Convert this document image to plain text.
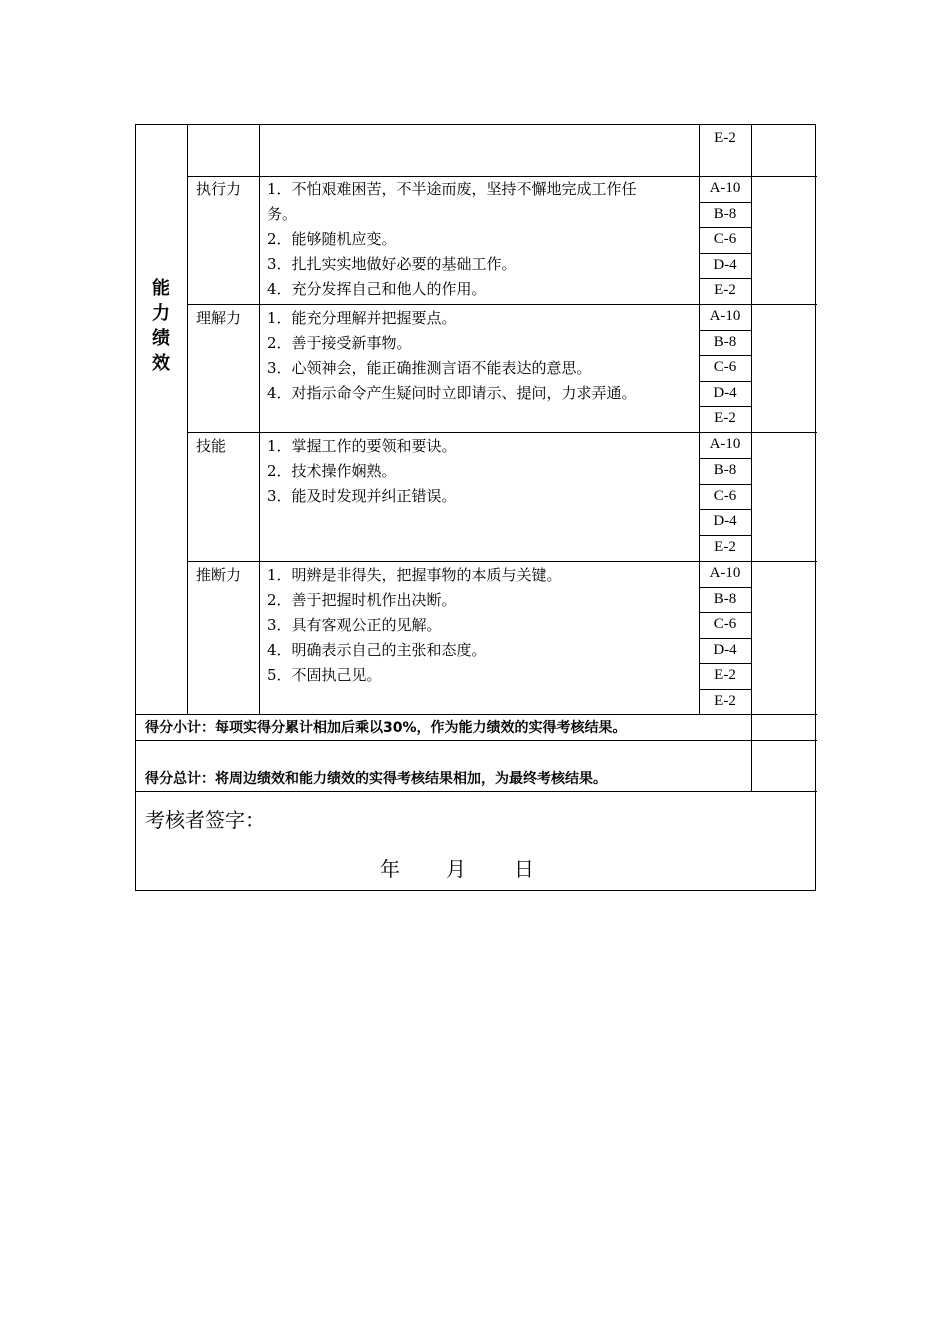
能
力
绩
效
E-2
执行力 1．不怕艰难困苦，不半途而废，坚持不懈地完成工作任
务。
2．能够随机应变。
3．扎扎实实地做好必要的基础工作。
4．充分发挥自己和他人的作用。
理解力 1．能充分理解并把握要点。
2．善于接受新事物。
3．心领神会，能正确推测言语不能表达的意思。
4．对指示命令产生疑问时立即请示、提问，力求弄通。
技能	1．掌握工作的要领和要诀。
2．技术操作娴熟。
3．能及时发现并纠正错误。
推断力 1．明辨是非得失，把握事物的本质与关键。
2．善于把握时机作出决断。
3．具有客观公正的见解。
4．明确表示自己的主张和态度。
5．不固执己见。
A-10
B-8
C-6
D-4
E-2
A-10
B-8
C-6
D-4
E-2
A-10
B-8
C-6
D-4
E-2
A-10
B-8
C-6
D-4
E-2
E-2
得分小计：每项实得分累计相加后乘以30%，作为能力绩效的实得考核结果。
得分总计：将周边绩效和能力绩效的实得考核结果相加，为最终考核结果。
考核者签字：
年 月 日
